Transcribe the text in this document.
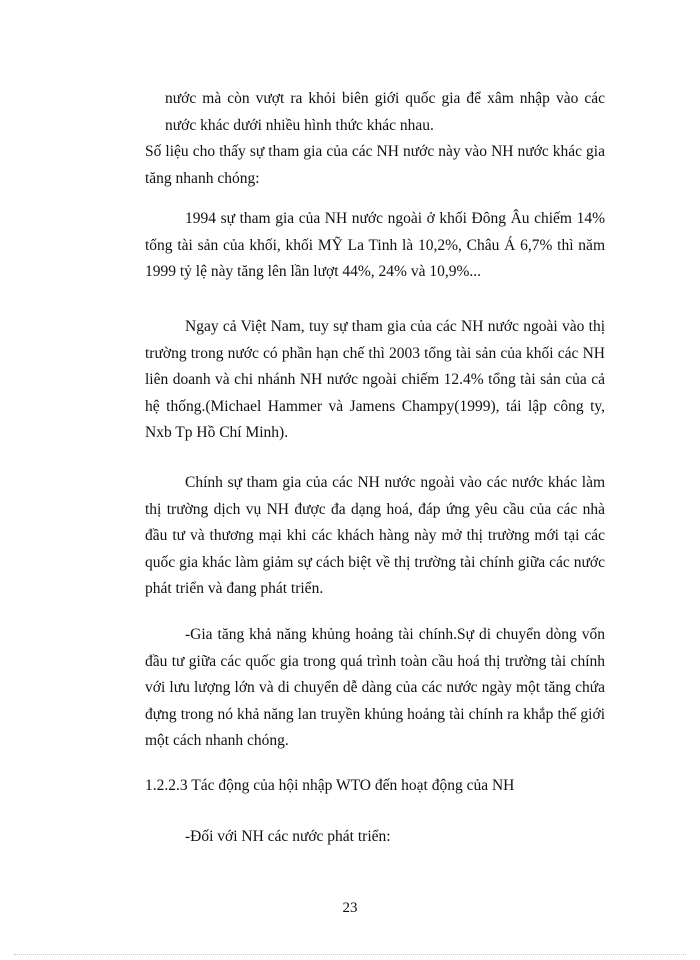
nước mà còn vượt ra khỏi biên giới quốc gia để xâm nhập vào các nước khác dưới nhiều hình thức khác nhau.
Số liệu cho thấy sự tham gia của các NH nước này vào NH nước khác gia tăng nhanh chóng:
1994 sự tham gia của NH nước ngoài ở khối Đông Âu chiếm 14% tổng tài sản của khối, khối MỸ La Tinh là 10,2%, Châu Á 6,7% thì năm 1999 tỷ lệ này tăng lên lần lượt 44%, 24% và 10,9%...
Ngay cả Việt Nam, tuy sự tham gia của các NH nước ngoài vào thị trường trong nước có phần hạn chế thì 2003 tổng tài sản của khối các NH liên doanh và chi nhánh NH nước ngoài chiếm 12.4% tổng tài sản của cả hệ thống.(Michael Hammer và Jamens Champy(1999), tái lập công ty, Nxb Tp Hồ Chí Minh).
Chính sự tham gia của các NH nước ngoài vào các nước khác làm thị trường dịch vụ NH được đa dạng hoá, đáp ứng yêu cầu của các nhà đầu tư và thương mại khi các khách hàng này mở thị trường mới tại các quốc gia khác làm giảm sự cách biệt về thị trường tài chính giữa các nước phát triển và đang phát triển.
-Gia tăng khả năng khủng hoảng tài chính.Sự di chuyển dòng vốn đầu tư giữa các quốc gia trong quá trình toàn cầu hoá thị trường tài chính với lưu lượng lớn và di chuyển dễ dàng của các nước ngày một tăng chứa đựng trong nó khả năng lan truyền khủng hoảng tài chính ra khắp thế giới một cách nhanh chóng.
1.2.2.3 Tác động của hội nhập WTO đến hoạt động của NH
-Đối với NH các nước phát triển:
23
